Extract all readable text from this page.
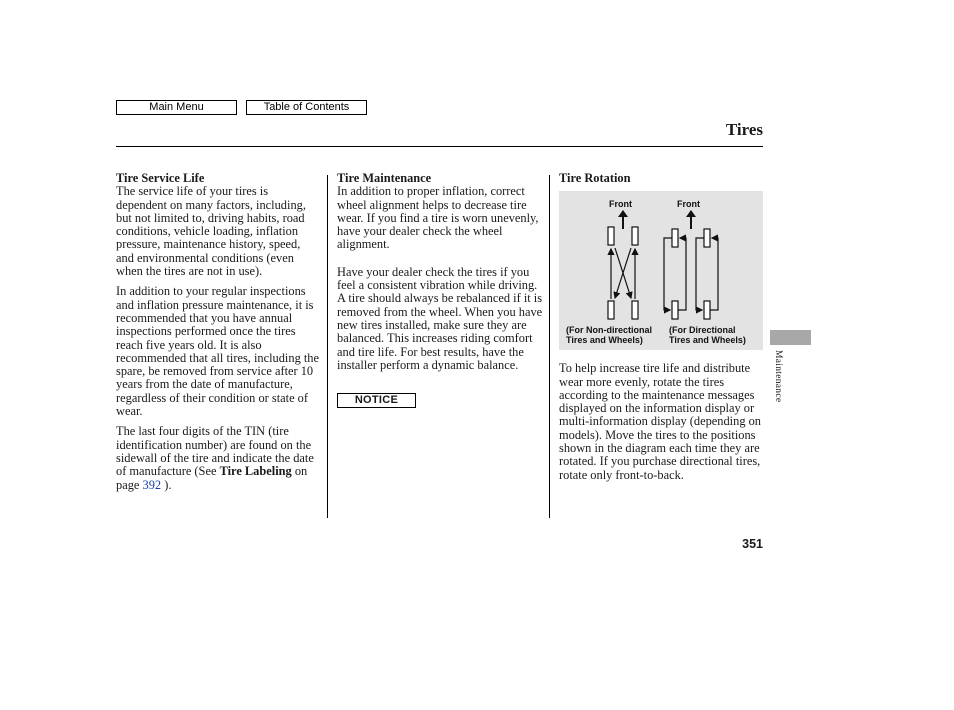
Main Menu	Table of Contents
Tires
Tire Service Life

The service life of your tires is dependent on many factors, including, but not limited to, driving habits, road conditions, vehicle loading, inflation pressure, maintenance history, speed, and environmental conditions (even when the tires are not in use).

In addition to your regular inspections and inflation pressure maintenance, it is recommended that you have annual inspections performed once the tires reach five years old. It is also recommended that all tires, including the spare, be removed from service after 10 years from the date of manufacture, regardless of their condition or state of wear.

The last four digits of the TIN (tire identification number) are found on the sidewall of the tire and indicate the date of manufacture (See Tire Labeling on page 392 ).

Tire Maintenance

In addition to proper inflation, correct wheel alignment helps to decrease tire wear. If you find a tire is worn unevenly, have your dealer check the wheel alignment.

Have your dealer check the tires if you feel a consistent vibration while driving. A tire should always be rebalanced if it is removed from the wheel. When you have new tires installed, make sure they are balanced. This increases riding comfort and tire life. For best results, have the installer perform a dynamic balance.

NOTICE
Tire Rotation
Front	Front
(For Non-directional
Tires and Wheels)
(For Directional
Tires and Wheels)

To help increase tire life and distribute wear more evenly, rotate the tires according to the maintenance messages displayed on the information display or multi-information display (depending on models). Move the tires to the positions shown in the diagram each time they are rotated. If you purchase directional tires, rotate only front-to-back.

Maintenance
351
